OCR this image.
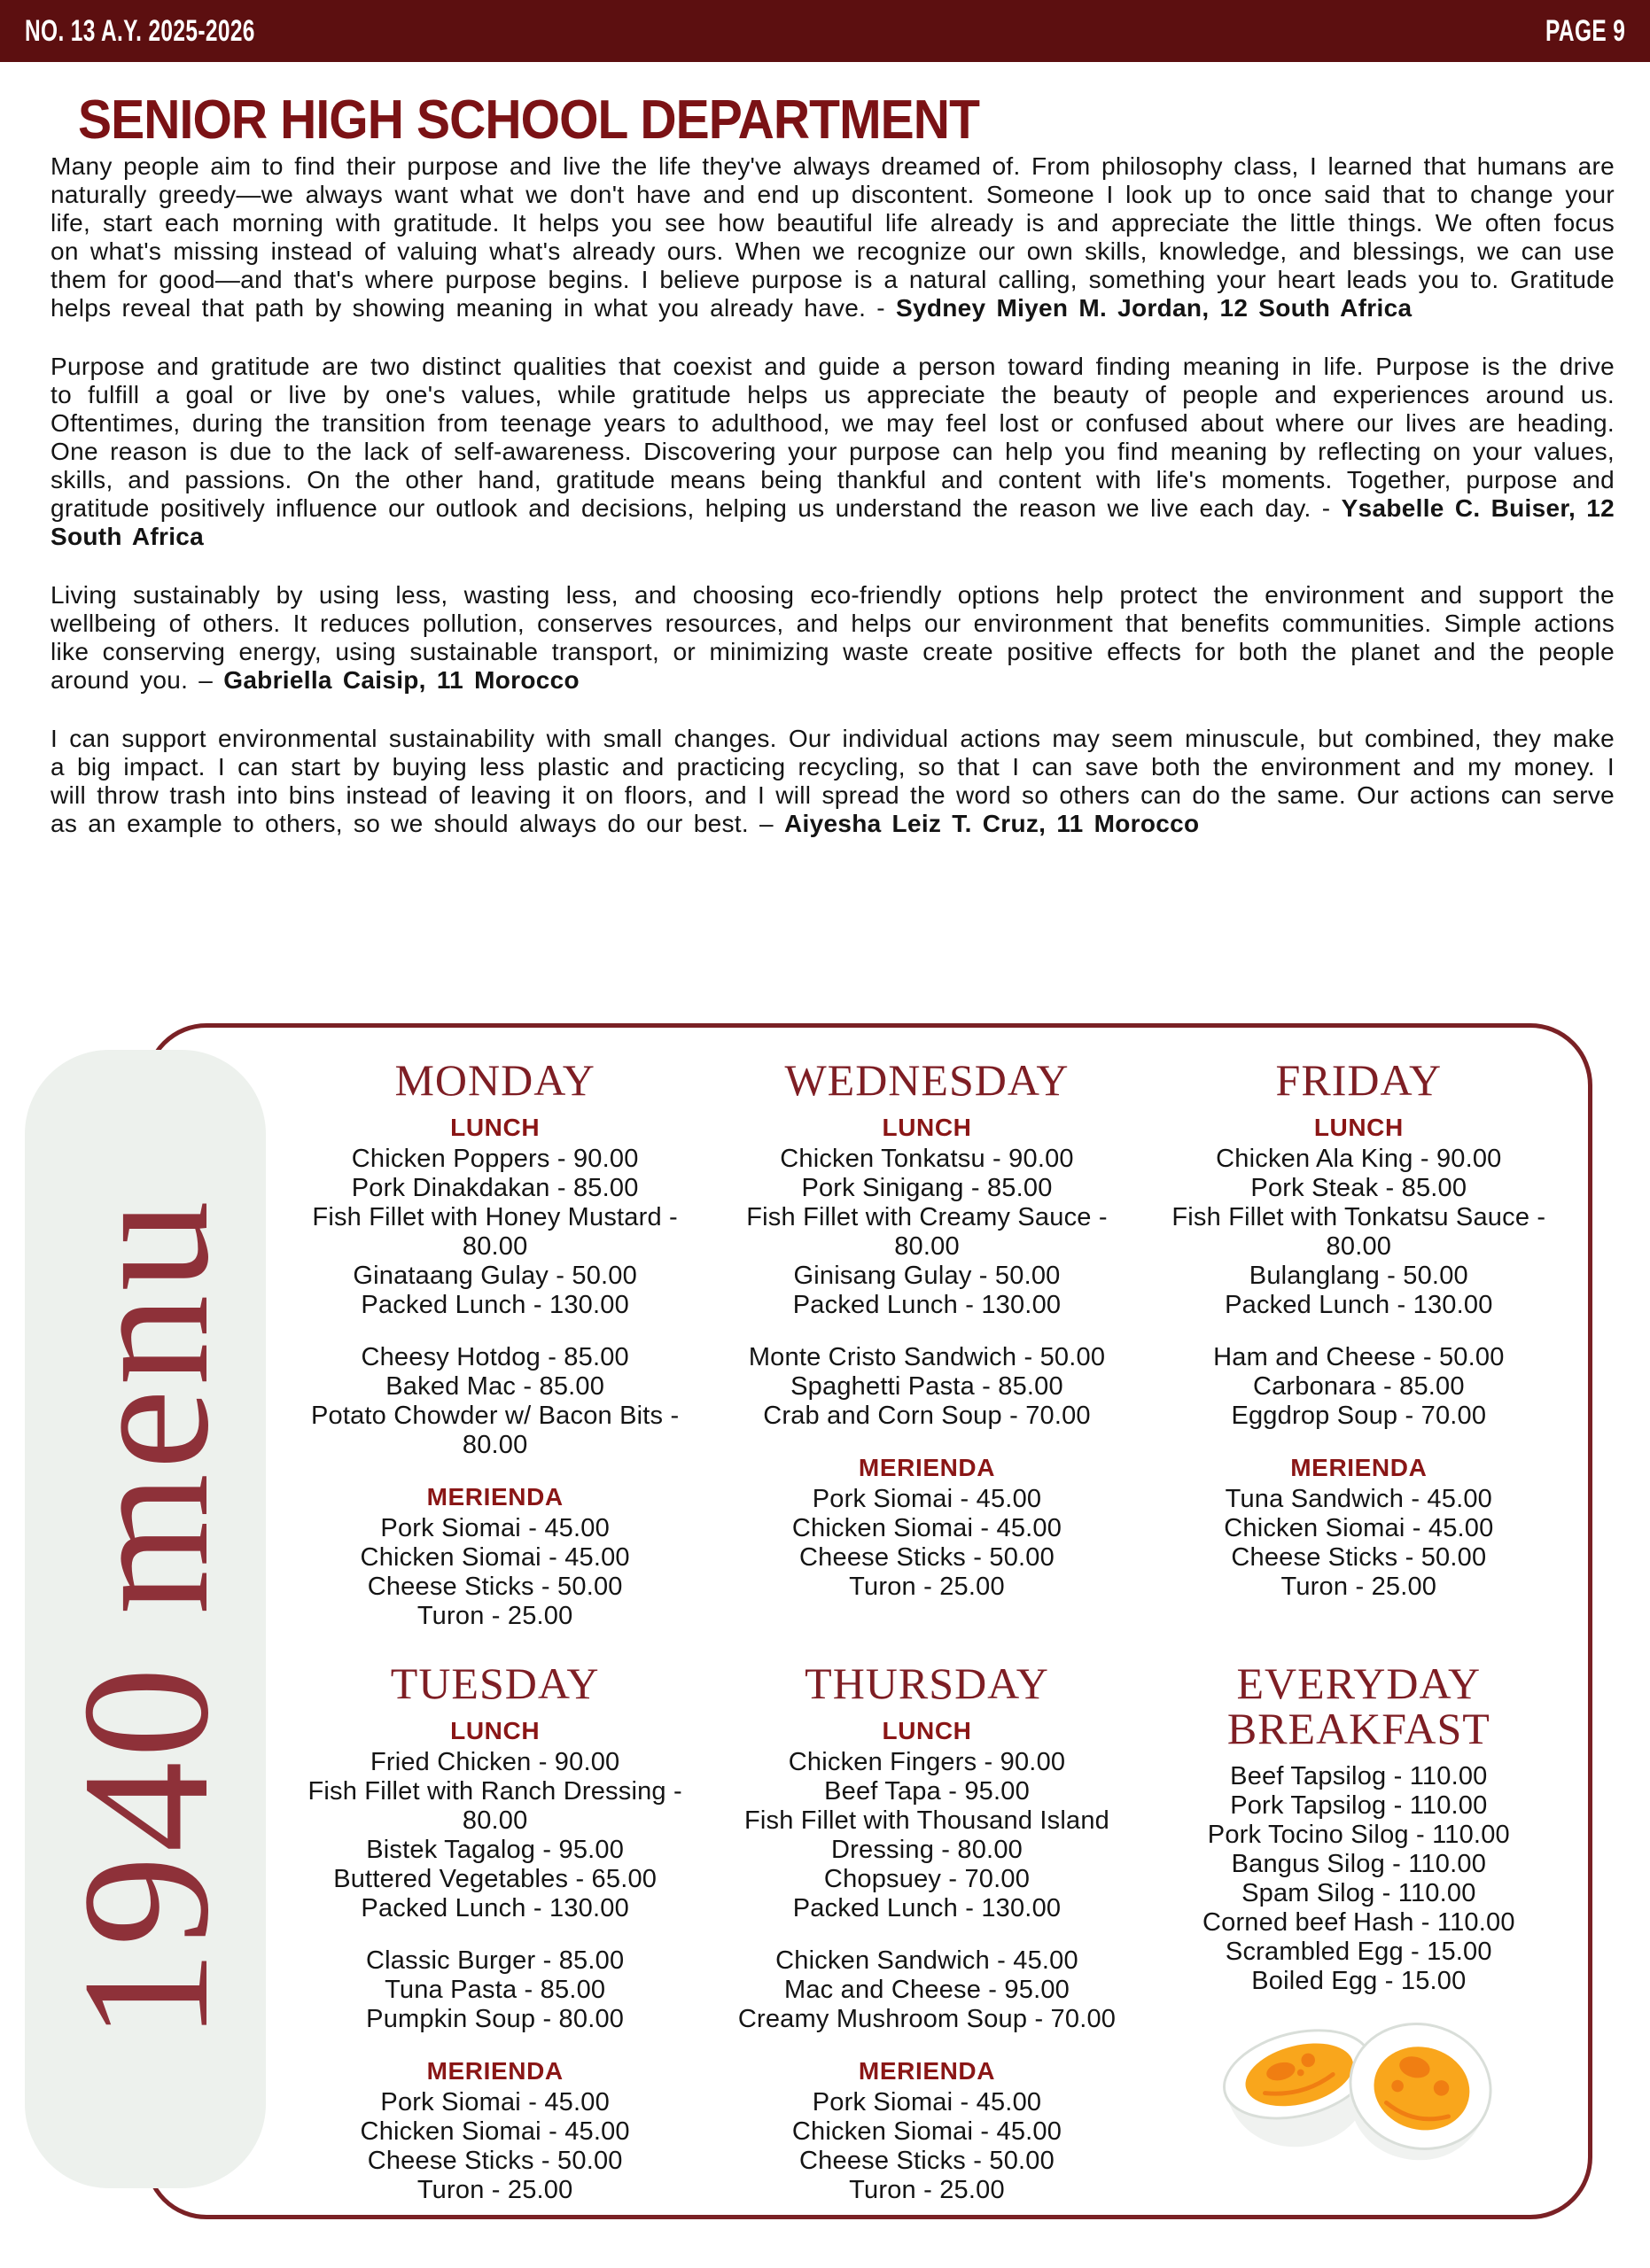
NO. 13 A.Y. 2025-2026	PAGE 9
SENIOR HIGH SCHOOL DEPARTMENT

Many people aim to find their purpose and live the life they've always dreamed of. From philosophy class, I learned that humans are naturally greedy—we always want what we don't have and end up discontent. Someone I look up to once said that to change your life, start each morning with gratitude. It helps you see how beautiful life already is and appreciate the little things. We often focus on what's missing instead of valuing what's already ours. When we recognize our own skills, knowledge, and blessings, we can use them for good—and that's where purpose begins. I believe purpose is a natural calling, something your heart leads you to. Gratitude helps reveal that path by showing meaning in what you already have. - Sydney Miyen M. Jordan, 12 South Africa

Purpose and gratitude are two distinct qualities that coexist and guide a person toward finding meaning in life. Purpose is the drive to fulfill a goal or live by one's values, while gratitude helps us appreciate the beauty of people and experiences around us. Oftentimes, during the transition from teenage years to adulthood, we may feel lost or confused about where our lives are heading. One reason is due to the lack of self-awareness. Discovering your purpose can help you find meaning by reflecting on your values, skills, and passions. On the other hand, gratitude means being thankful and content with life's moments. Together, purpose and gratitude positively influence our outlook and decisions, helping us understand the reason we live each day. - Ysabelle C. Buiser, 12 South Africa

Living sustainably by using less, wasting less, and choosing eco-friendly options help protect the environment and support the wellbeing of others. It reduces pollution, conserves resources, and helps our environment that benefits communities. Simple actions like conserving energy, using sustainable transport, or minimizing waste create positive effects for both the planet and the people around you. – Gabriella Caisip, 11 Morocco

I can support environmental sustainability with small changes. Our individual actions may seem minuscule, but combined, they make a big impact. I can start by buying less plastic and practicing recycling, so that I can save both the environment and my money. I will throw trash into bins instead of leaving it on floors, and I will spread the word so others can do the same. Our actions can serve as an example to others, so we should always do our best. – Aiyesha Leiz T. Cruz, 11 Morocco

MONDAY
LUNCH
Chicken Poppers - 90.00
Pork Dinakdakan - 85.00
Fish Fillet with Honey Mustard - 80.00
Ginataang Gulay - 50.00
Packed Lunch - 130.00
Cheesy Hotdog - 85.00
Baked Mac - 85.00
Potato Chowder w/ Bacon Bits - 80.00
MERIENDA
Pork Siomai - 45.00
Chicken Siomai - 45.00
Cheese Sticks - 50.00
Turon - 25.00
WEDNESDAY
LUNCH
Chicken Tonkatsu - 90.00
Pork Sinigang - 85.00
Fish Fillet with Creamy Sauce - 80.00
Ginisang Gulay - 50.00
Packed Lunch - 130.00
Monte Cristo Sandwich - 50.00
Spaghetti Pasta - 85.00
Crab and Corn Soup - 70.00
MERIENDA
Pork Siomai - 45.00
Chicken Siomai - 45.00
Cheese Sticks - 50.00
Turon - 25.00
FRIDAY
LUNCH
Chicken Ala King - 90.00
Pork Steak - 85.00
Fish Fillet with Tonkatsu Sauce - 80.00
Bulanglang - 50.00
Packed Lunch - 130.00
Ham and Cheese - 50.00
Carbonara - 85.00
Eggdrop Soup - 70.00
MERIENDA
Tuna Sandwich - 45.00
Chicken Siomai - 45.00
Cheese Sticks - 50.00
Turon - 25.00
TUESDAY
LUNCH
Fried Chicken - 90.00
Fish Fillet with Ranch Dressing - 80.00
Bistek Tagalog - 95.00
Buttered Vegetables - 65.00
Packed Lunch - 130.00
Classic Burger - 85.00
Tuna Pasta - 85.00
Pumpkin Soup - 80.00
MERIENDA
Pork Siomai - 45.00
Chicken Siomai - 45.00
Cheese Sticks - 50.00
Turon - 25.00
THURSDAY
LUNCH
Chicken Fingers - 90.00
Beef Tapa - 95.00
Fish Fillet with Thousand Island Dressing - 80.00
Chopsuey - 70.00
Packed Lunch - 130.00
Chicken Sandwich - 45.00
Mac and Cheese - 95.00
Creamy Mushroom Soup - 70.00
MERIENDA
Pork Siomai - 45.00
Chicken Siomai - 45.00
Cheese Sticks - 50.00
Turon - 25.00
EVERYDAY BREAKFAST
Beef Tapsilog - 110.00
Pork Tapsilog - 110.00
Pork Tocino Silog - 110.00
Bangus Silog - 110.00
Spam Silog - 110.00
Corned beef Hash - 110.00
Scrambled Egg - 15.00
Boiled Egg - 15.00
1940 menu
